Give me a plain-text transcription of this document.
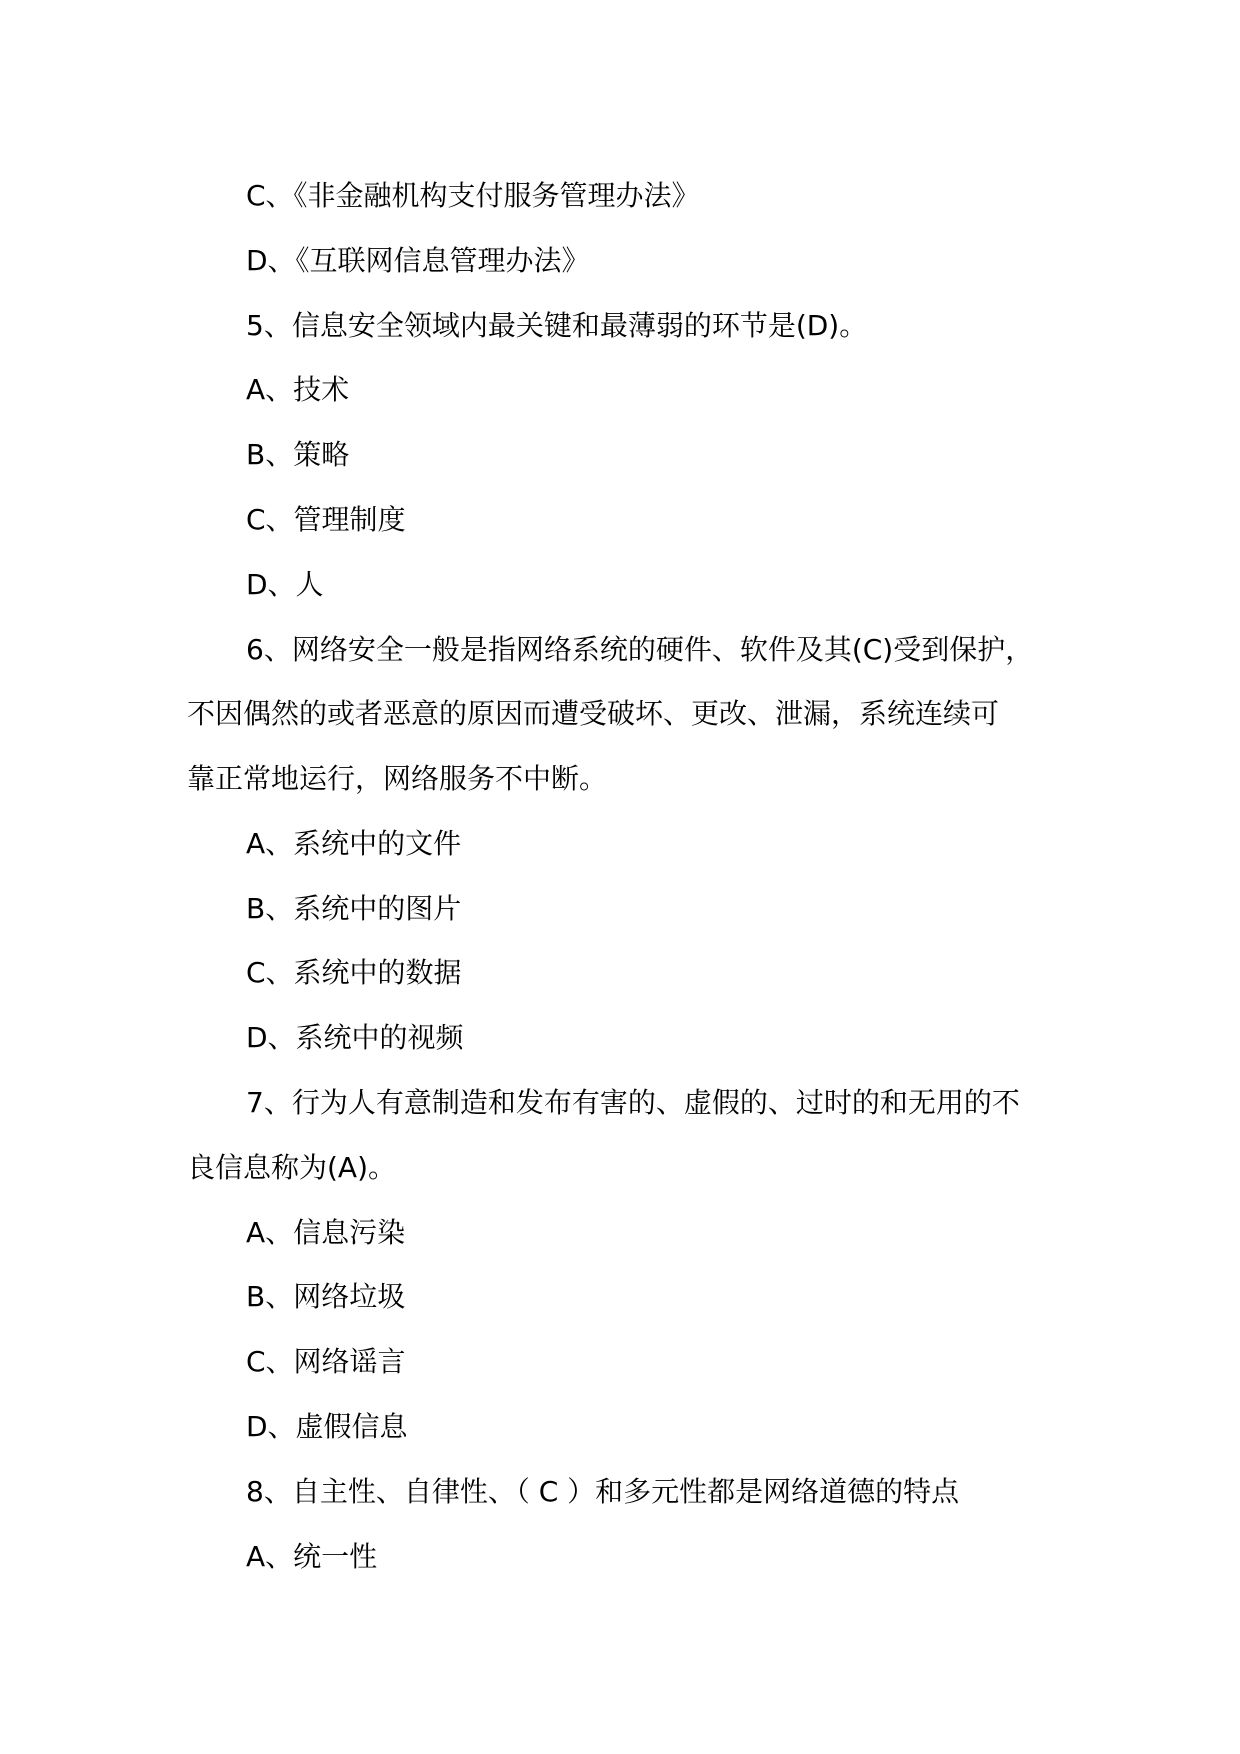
C、《非金融机构支付服务管理办法》

D、《互联网信息管理办法》

5、信息安全领域内最关键和最薄弱的环节是(D)。

A、技术

B、策略

C、管理制度

D、人

6、网络安全一般是指网络系统的硬件、软件及其(C)受到保护，

不因偶然的或者恶意的原因而遭受破坏、更改、泄漏，系统连续可

靠正常地运行，网络服务不中断。

A、系统中的文件

B、系统中的图片

C、系统中的数据

D、系统中的视频

7、行为人有意制造和发布有害的、虚假的、过时的和无用的不

良信息称为(A)。

A、信息污染

B、网络垃圾

C、网络谣言

D、虚假信息

8、自主性、自律性、（ C ）和多元性都是网络道德的特点

A、统一性
